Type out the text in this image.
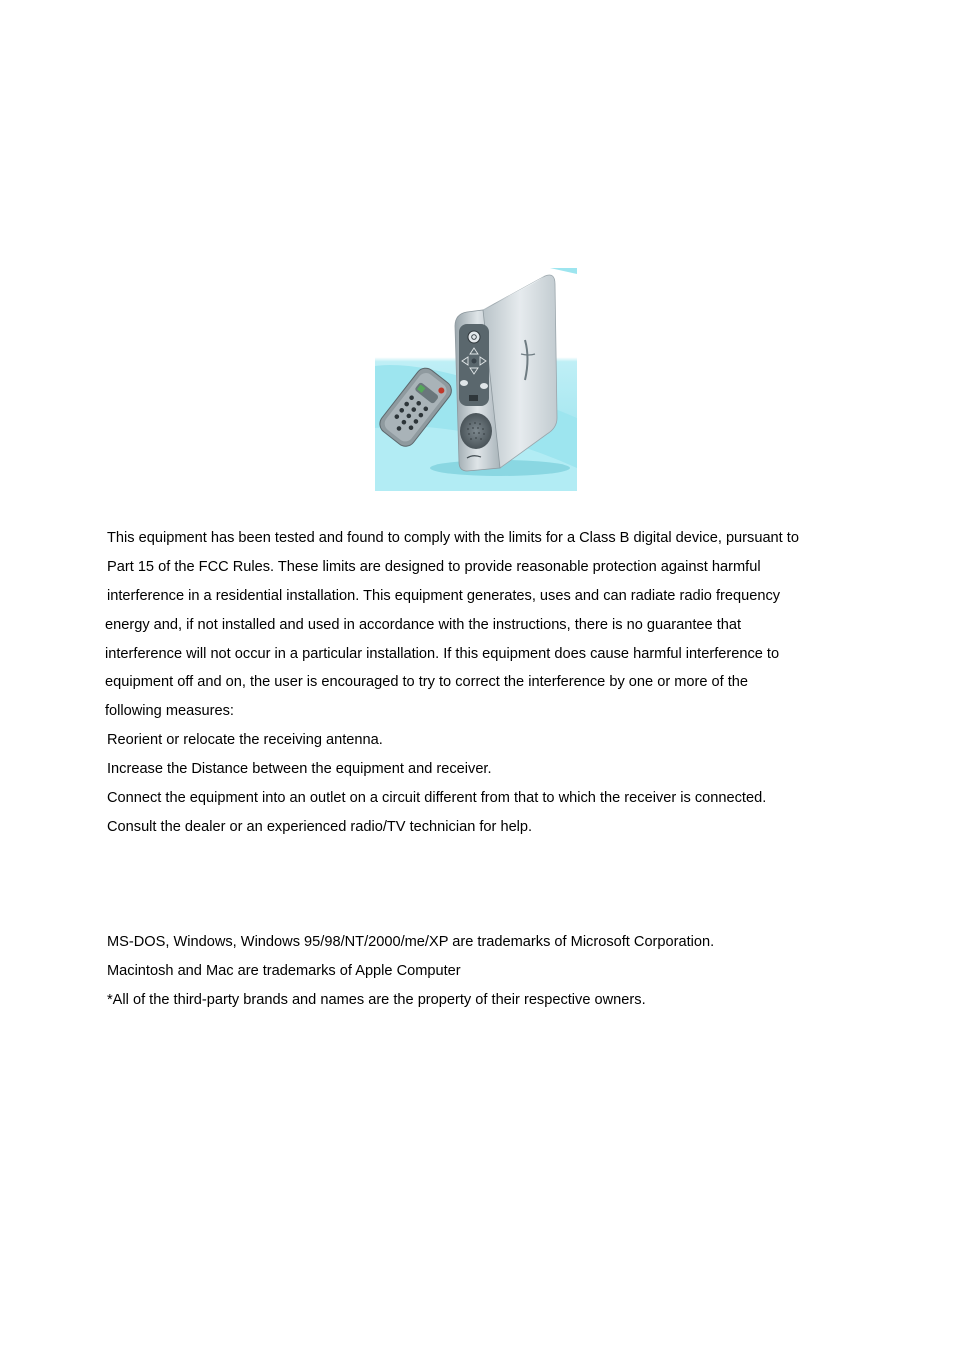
This equipment has been tested and found to comply with the limits for a Class B digital device, pursuant to
Part 15 of the FCC Rules. These limits are designed to provide reasonable protection against harmful
interference in a residential installation. This equipment generates, uses and can radiate radio frequency
energy and, if not installed and used in accordance with the instructions, there is no guarantee that
interference will not occur in a particular installation. If this equipment does cause harmful interference to
equipment off and on, the user is encouraged to try to correct the interference by one or more of the
following measures:
Reorient or relocate the receiving antenna.
Increase the Distance between the equipment and receiver.
Connect the equipment into an outlet on a circuit different from that to which the receiver is connected.
Consult the dealer or an experienced radio/TV technician for help.
MS-DOS, Windows, Windows 95/98/NT/2000/me/XP are trademarks of Microsoft Corporation.
Macintosh and Mac are trademarks of Apple Computer
*All of the third-party brands and names are the property of their respective owners.
